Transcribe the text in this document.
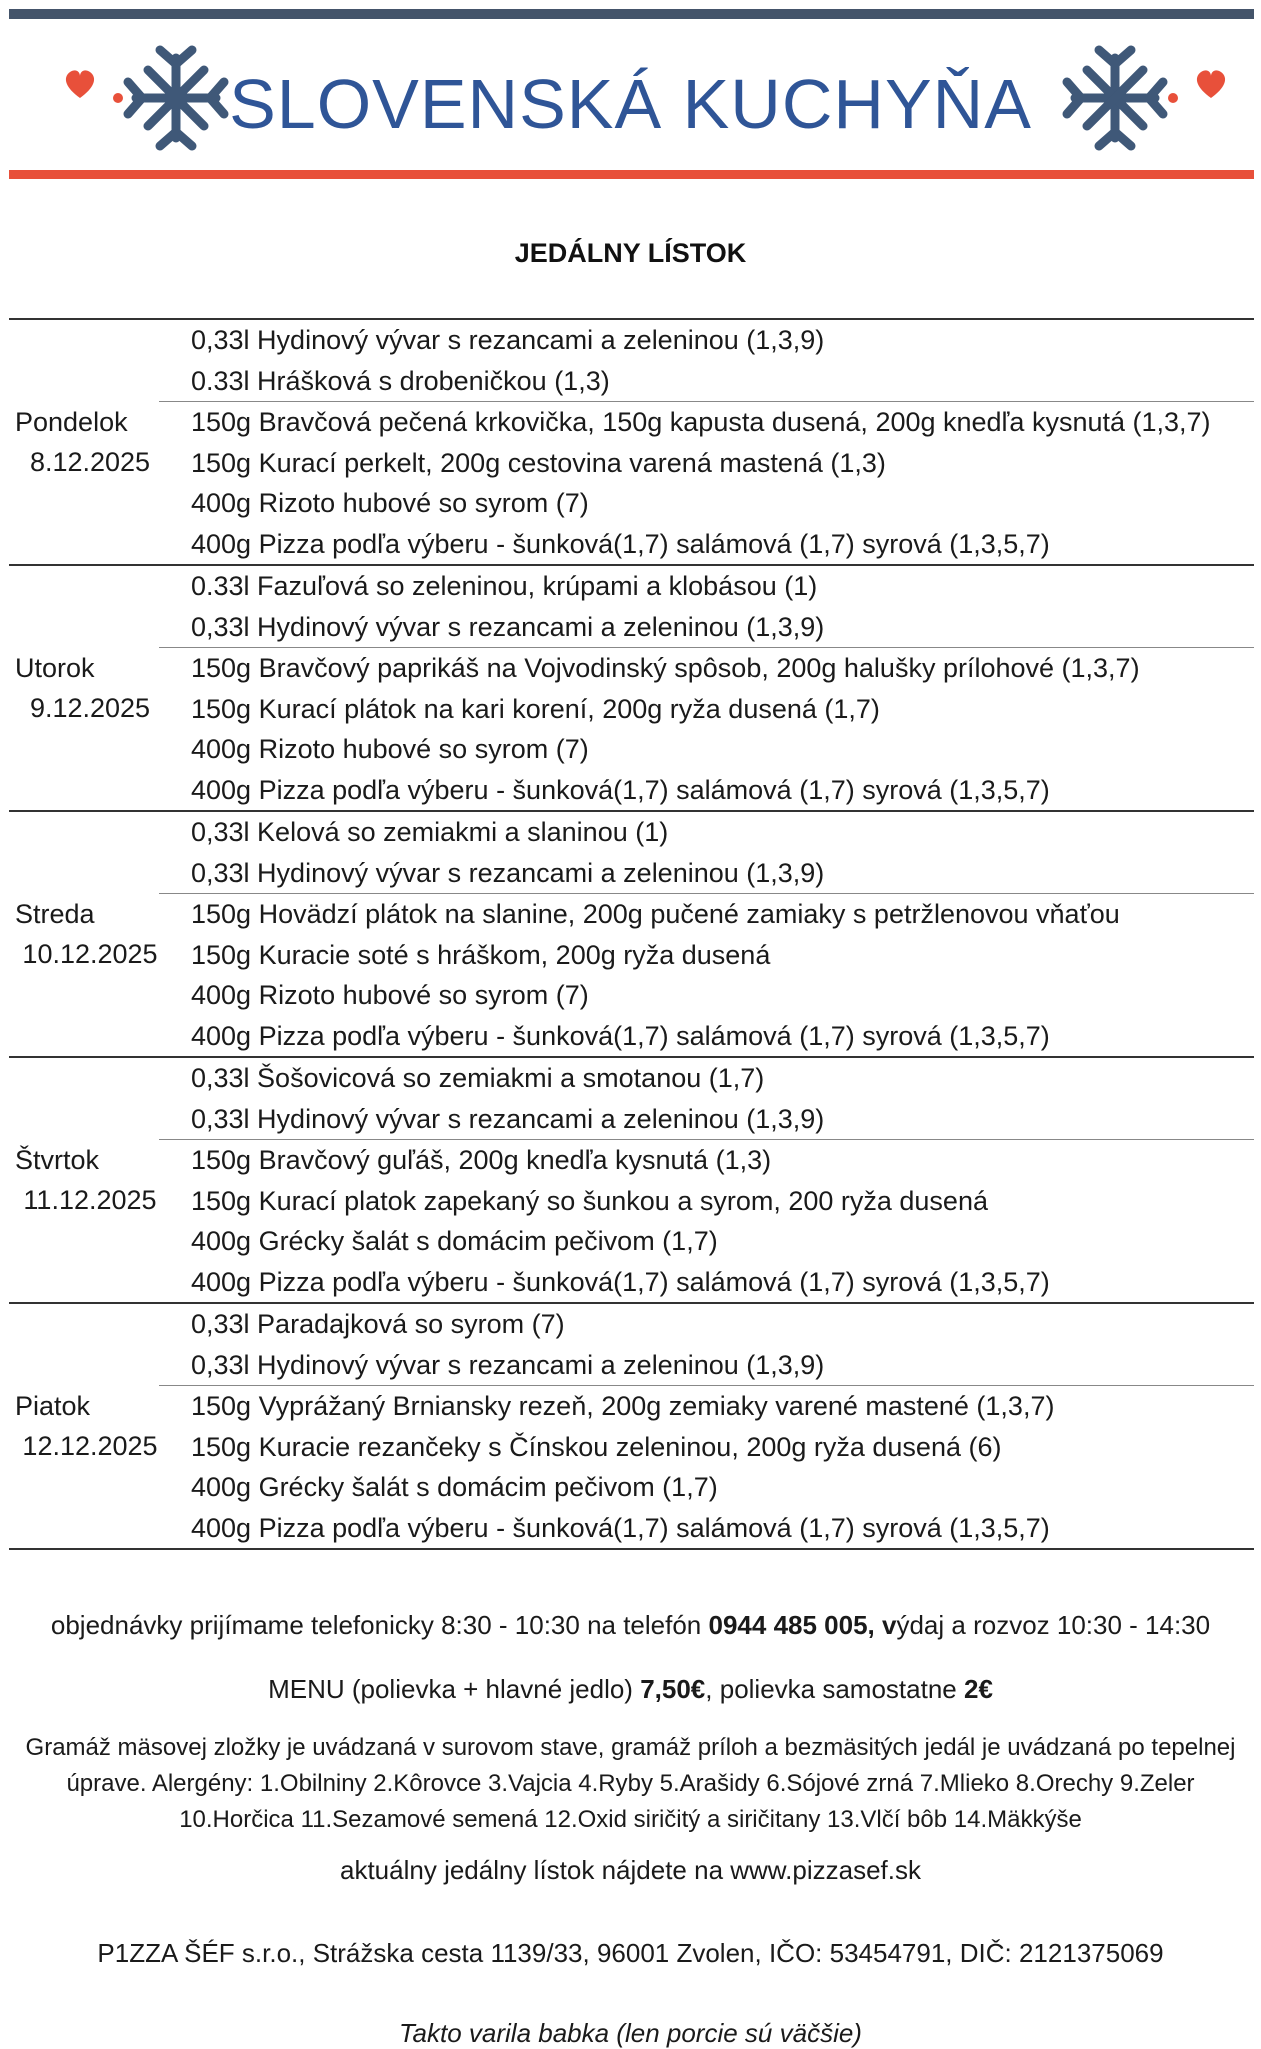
SLOVENSKÁ KUCHYŇA
JEDÁLNY LÍSTOK
Pondelok
8.12.2025
0,33l Hydinový vývar s rezancami a zeleninou (1,3,9)
0.33l Hrášková s drobeničkou (1,3)
150g Bravčová pečená krkovička, 150g kapusta dusená, 200g knedľa kysnutá (1,3,7)
150g Kurací perkelt, 200g cestovina varená mastená (1,3)
400g Rizoto hubové so syrom (7)
400g Pizza podľa výberu - šunková(1,7) salámová (1,7) syrová (1,3,5,7)
Utorok
9.12.2025
0.33l Fazuľová so zeleninou, krúpami a klobásou (1)
0,33l Hydinový vývar s rezancami a zeleninou (1,3,9)
150g Bravčový paprikáš na Vojvodinský spôsob, 200g halušky prílohové (1,3,7)
150g Kurací plátok na kari korení, 200g ryža dusená (1,7)
400g Rizoto hubové so syrom (7)
400g Pizza podľa výberu - šunková(1,7) salámová (1,7) syrová (1,3,5,7)
Streda
10.12.2025
0,33l Kelová so zemiakmi a slaninou (1)
0,33l Hydinový vývar s rezancami a zeleninou (1,3,9)
150g Hovädzí plátok na slanine, 200g pučené zamiaky s petržlenovou vňaťou
150g Kuracie soté s hráškom, 200g ryža dusená
400g Rizoto hubové so syrom (7)
400g Pizza podľa výberu - šunková(1,7) salámová (1,7) syrová (1,3,5,7)
Štvrtok
11.12.2025
0,33l Šošovicová so zemiakmi a smotanou (1,7)
0,33l Hydinový vývar s rezancami a zeleninou (1,3,9)
150g Bravčový guľáš, 200g knedľa kysnutá (1,3)
150g Kurací platok zapekaný so šunkou a syrom, 200 ryža dusená
400g Grécky šalát s domácim pečivom (1,7)
400g Pizza podľa výberu - šunková(1,7) salámová (1,7) syrová (1,3,5,7)
Piatok
12.12.2025
0,33l Paradajková so syrom (7)
0,33l Hydinový vývar s rezancami a zeleninou (1,3,9)
150g Vyprážaný Brniansky rezeň, 200g zemiaky varené mastené (1,3,7)
150g Kuracie rezančeky s Čínskou zeleninou, 200g ryža dusená (6)
400g Grécky šalát s domácim pečivom (1,7)
400g Pizza podľa výberu - šunková(1,7) salámová (1,7) syrová (1,3,5,7)
objednávky prijímame telefonicky 8:30 - 10:30 na telefón 0944 485 005, výdaj a rozvoz 10:30 - 14:30
MENU (polievka + hlavné jedlo) 7,50€, polievka samostatne 2€
Gramáž mäsovej zložky je uvádzaná v surovom stave, gramáž príloh a bezmäsitých jedál je uvádzaná po tepelnej
úprave. Alergény: 1.Obilniny 2.Kôrovce 3.Vajcia 4.Ryby 5.Arašidy 6.Sójové zrná 7.Mlieko 8.Orechy 9.Zeler
10.Horčica 11.Sezamové semená 12.Oxid siričitý a siričitany 13.Vlčí bôb 14.Mäkkýše
aktuálny jedálny lístok nájdete na www.pizzasef.sk
P1ZZA ŠÉF s.r.o., Strážska cesta 1139/33, 96001 Zvolen, IČO: 53454791, DIČ: 2121375069
Takto varila babka (len porcie sú väčšie)
